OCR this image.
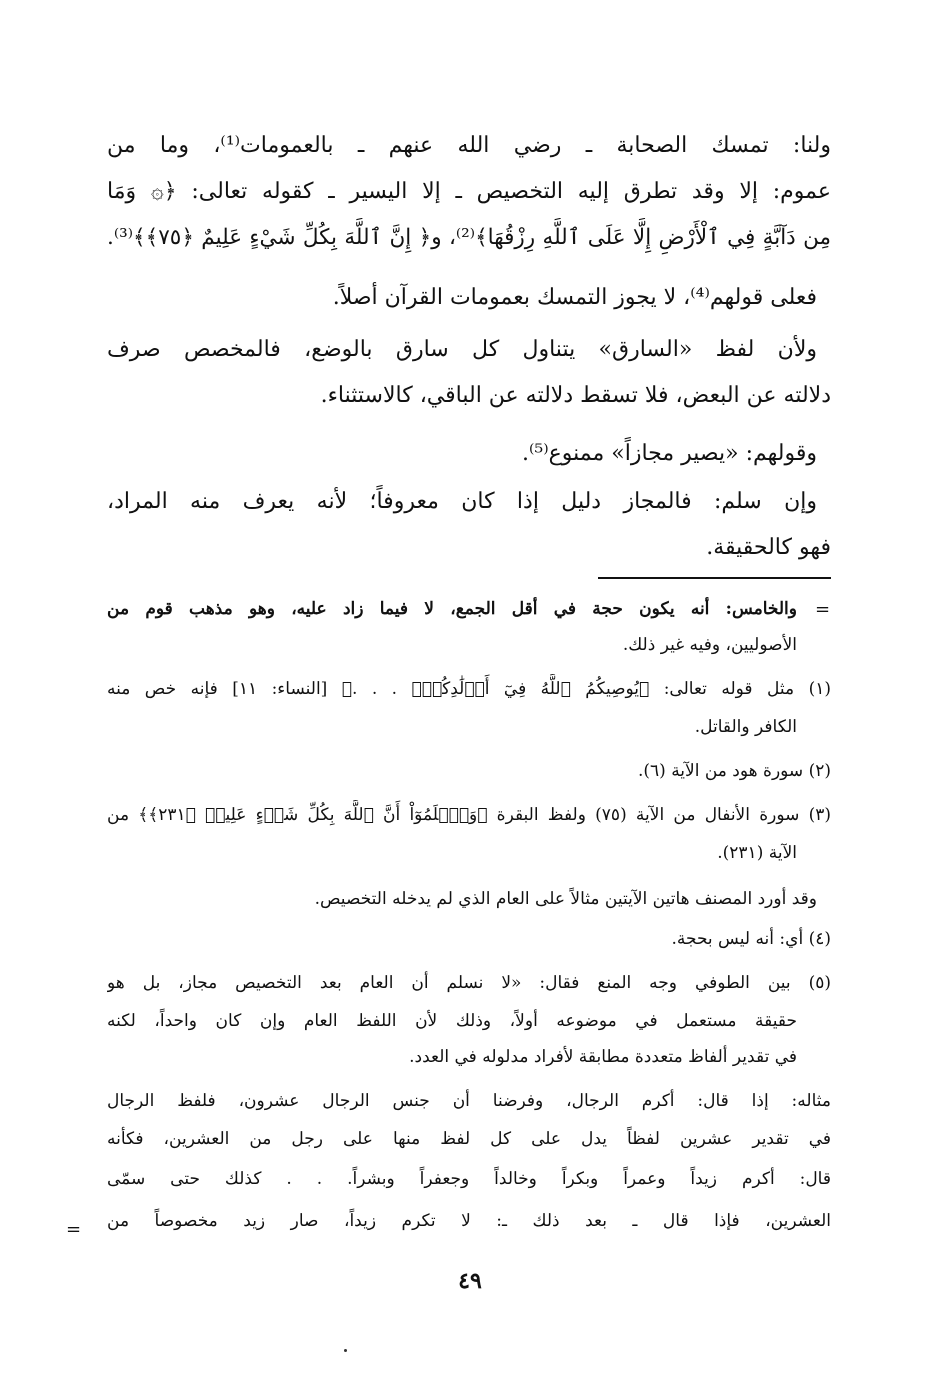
ولنا: تمسك الصحابة ـ رضي الله عنهم ـ بالعمومات⁽¹⁾، وما من

عموم: إلا وقد تطرق إليه التخصيص ـ إلا اليسير ـ كقوله تعالى: ﴿۞ وَمَا

مِن دَآبَّةٍ فِي ٱلْأَرْضِ إِلَّا عَلَى ٱللَّهِ رِزْقُهَا﴾⁽²⁾، و﴿ إِنَّ ٱللَّهَ بِكُلِّ شَيْءٍ عَلِيمٌ ﴿٧٥﴾﴾⁽³⁾.

فعلى قولهم⁽⁴⁾، لا يجوز التمسك بعمومات القرآن أصلاً.

ولأن لفظ «السارق» يتناول كل سارق بالوضع، فالمخصص صرف

دلالته عن البعض، فلا تسقط دلالته عن الباقي، كالاستثناء.

وقولهم: «يصير مجازاً» ممنوع⁽⁵⁾.

وإن سلم: فالمجاز دليل إذا كان معروفاً؛ لأنه يعرف منه المراد،

فهو كالحقيقة.

=

والخامس: أنه يكون حجة في أقل الجمع، لا فيما زاد عليه، وهو مذهب قوم من

الأصوليين، وفيه غير ذلك.

(١) مثل قوله تعالى: ﴿يُوصِيكُمُ ٱللَّهُ فِيٓ أَوۡلَٰدِكُمۡۖ . . .﴾ [النساء: ١١] فإنه خص منه

الكافر والقاتل.

(٢) سورة هود من الآية (٦).

(٣) سورة الأنفال من الآية (٧٥) ولفظ البقرة ﴿وَٱعۡلَمُوٓاْ أَنَّ ٱللَّهَ بِكُلِّ شَيۡءٍ عَلِيمٞ ﴿٢٣١﴾﴾ من

الآية (٢٣١).

وقد أورد المصنف هاتين الآيتين مثالاً على العام الذي لم يدخله التخصيص.

(٤) أي: أنه ليس بحجة.

(٥) بين الطوفي وجه المنع فقال: «لا نسلم أن العام بعد التخصيص مجاز، بل هو

حقيقة مستعمل في موضوعه أولاً، وذلك لأن اللفظ العام وإن كان واحداً، لكنه

في تقدير ألفاظ متعددة مطابقة لأفراد مدلوله في العدد.

مثاله: إذا قال: أكرم الرجال، وفرضنا أن جنس الرجال عشرون، فلفظ الرجال

في تقدير عشرين لفظاً يدل على كل لفظ منها على رجل من العشرين، فكأنه

قال: أكرم زيداً وعمراً وبكراً وخالداً وجعفراً وبشراً. . . كذلك حتى سمّى

العشرين، فإذا قال ـ بعد ذلك ـ: لا تكرم زيداً، صار زيد مخصوصاً من

=
٤٩
